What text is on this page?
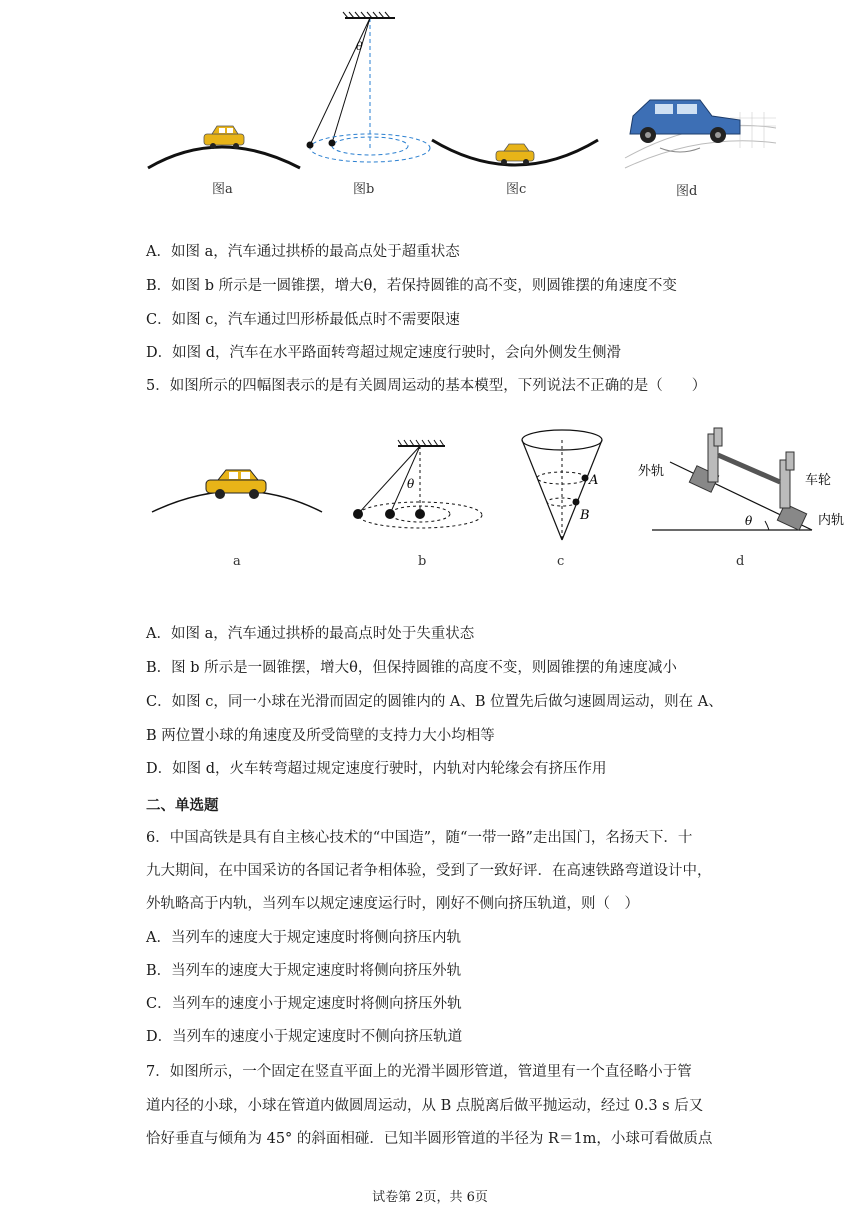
θ
图a	图b	图c	图d
A．如图 a，汽车通过拱桥的最高点处于超重状态
B．如图 b 所示是一圆锥摆，增大θ，若保持圆锥的高不变，则圆锥摆的角速度不变
C．如图 c，汽车通过凹形桥最低点时不需要限速
D．如图 d，汽车在水平路面转弯超过规定速度行驶时，会向外侧发生侧滑
5．如图所示的四幅图表示的是有关圆周运动的基本模型，下列说法不正确的是（　　）
θ	A
B
外轨
车轮
内轨
θ
a	b	c	d
A．如图 a，汽车通过拱桥的最高点时处于失重状态
B．图 b 所示是一圆锥摆，增大θ，但保持圆锥的高度不变，则圆锥摆的角速度减小
C．如图 c，同一小球在光滑而固定的圆锥内的 A、B 位置先后做匀速圆周运动，则在 A、
B 两位置小球的角速度及所受筒壁的支持力大小均相等
D．如图 d，火车转弯超过规定速度行驶时，内轨对内轮缘会有挤压作用
二、单选题
6．中国高铁是具有自主核心技术的“中国造”，随“一带一路”走出国门，名扬天下．十
九大期间，在中国采访的各国记者争相体验，受到了一致好评．在高速铁路弯道设计中，
外轨略高于内轨，当列车以规定速度运行时，刚好不侧向挤压轨道，则（　）
A．当列车的速度大于规定速度时将侧向挤压内轨
B．当列车的速度大于规定速度时将侧向挤压外轨
C．当列车的速度小于规定速度时将侧向挤压外轨
D．当列车的速度小于规定速度时不侧向挤压轨道
7．如图所示，一个固定在竖直平面上的光滑半圆形管道，管道里有一个直径略小于管
道内径的小球，小球在管道内做圆周运动，从 B 点脱离后做平抛运动，经过 0.3 s 后又
恰好垂直与倾角为 45° 的斜面相碰．已知半圆形管道的半径为 R＝1m，小球可看做质点
试卷第 2页，共 6页
